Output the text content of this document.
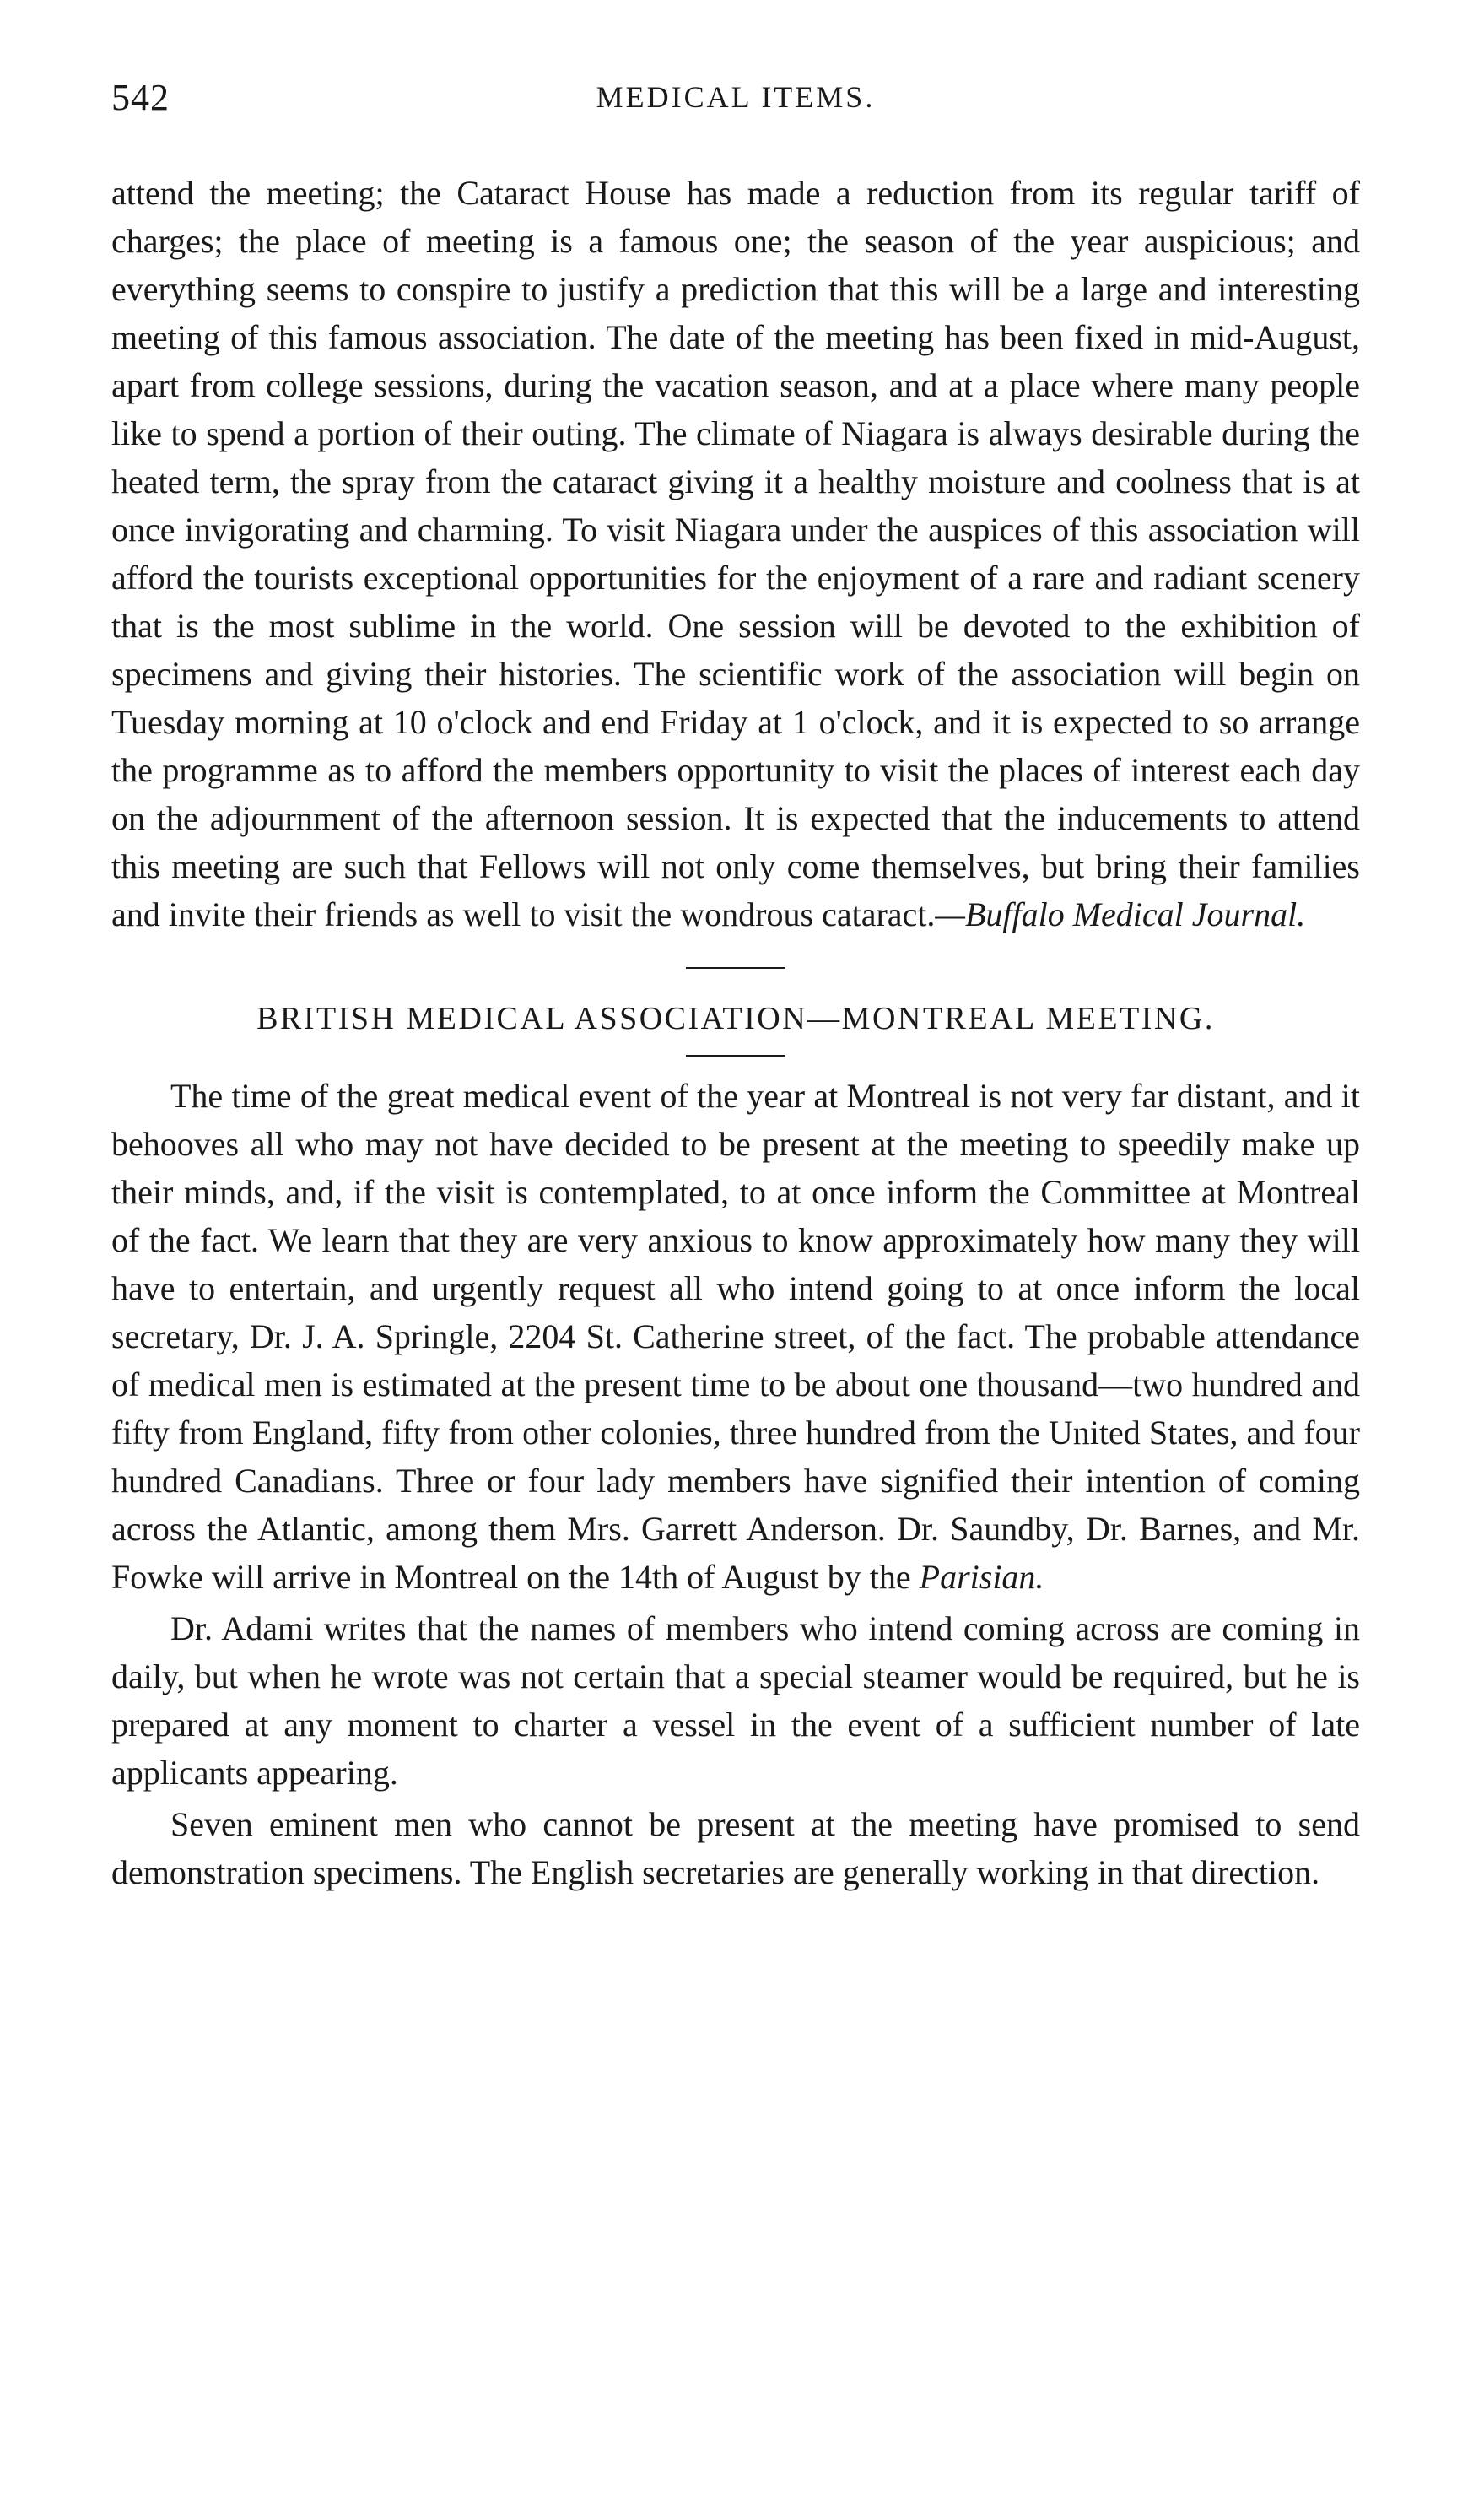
542	MEDICAL ITEMS.

attend the meeting; the Cataract House has made a reduction from its regular tariff of charges; the place of meeting is a famous one; the season of the year auspicious; and everything seems to conspire to justify a prediction that this will be a large and interesting meeting of this famous association. The date of the meeting has been fixed in mid-August, apart from college sessions, during the vacation season, and at a place where many people like to spend a portion of their outing. The climate of Niagara is always desirable during the heated term, the spray from the cataract giving it a healthy moisture and coolness that is at once invigorating and charming. To visit Niagara under the auspices of this association will afford the tourists exceptional opportunities for the enjoyment of a rare and radiant scenery that is the most sublime in the world. One session will be devoted to the exhibition of specimens and giving their histories. The scientific work of the association will begin on Tuesday morning at 10 o'clock and end Friday at 1 o'clock, and it is expected to so arrange the programme as to afford the members opportunity to visit the places of interest each day on the adjournment of the afternoon session. It is expected that the inducements to attend this meeting are such that Fellows will not only come themselves, but bring their families and invite their friends as well to visit the wondrous cataract.—Buffalo Medical Journal.

BRITISH MEDICAL ASSOCIATION—MONTREAL MEETING.

The time of the great medical event of the year at Montreal is not very far distant, and it behooves all who may not have decided to be present at the meeting to speedily make up their minds, and, if the visit is contemplated, to at once inform the Committee at Montreal of the fact. We learn that they are very anxious to know approximately how many they will have to entertain, and urgently request all who intend going to at once inform the local secretary, Dr. J. A. Springle, 2204 St. Catherine street, of the fact. The probable attendance of medical men is estimated at the present time to be about one thousand—two hundred and fifty from England, fifty from other colonies, three hundred from the United States, and four hundred Canadians. Three or four lady members have signified their intention of coming across the Atlantic, among them Mrs. Garrett Anderson. Dr. Saundby, Dr. Barnes, and Mr. Fowke will arrive in Montreal on the 14th of August by the Parisian.

Dr. Adami writes that the names of members who intend coming across are coming in daily, but when he wrote was not certain that a special steamer would be required, but he is prepared at any moment to charter a vessel in the event of a sufficient number of late applicants appearing.

Seven eminent men who cannot be present at the meeting have promised to send demonstration specimens. The English secretaries are generally working in that direction.
